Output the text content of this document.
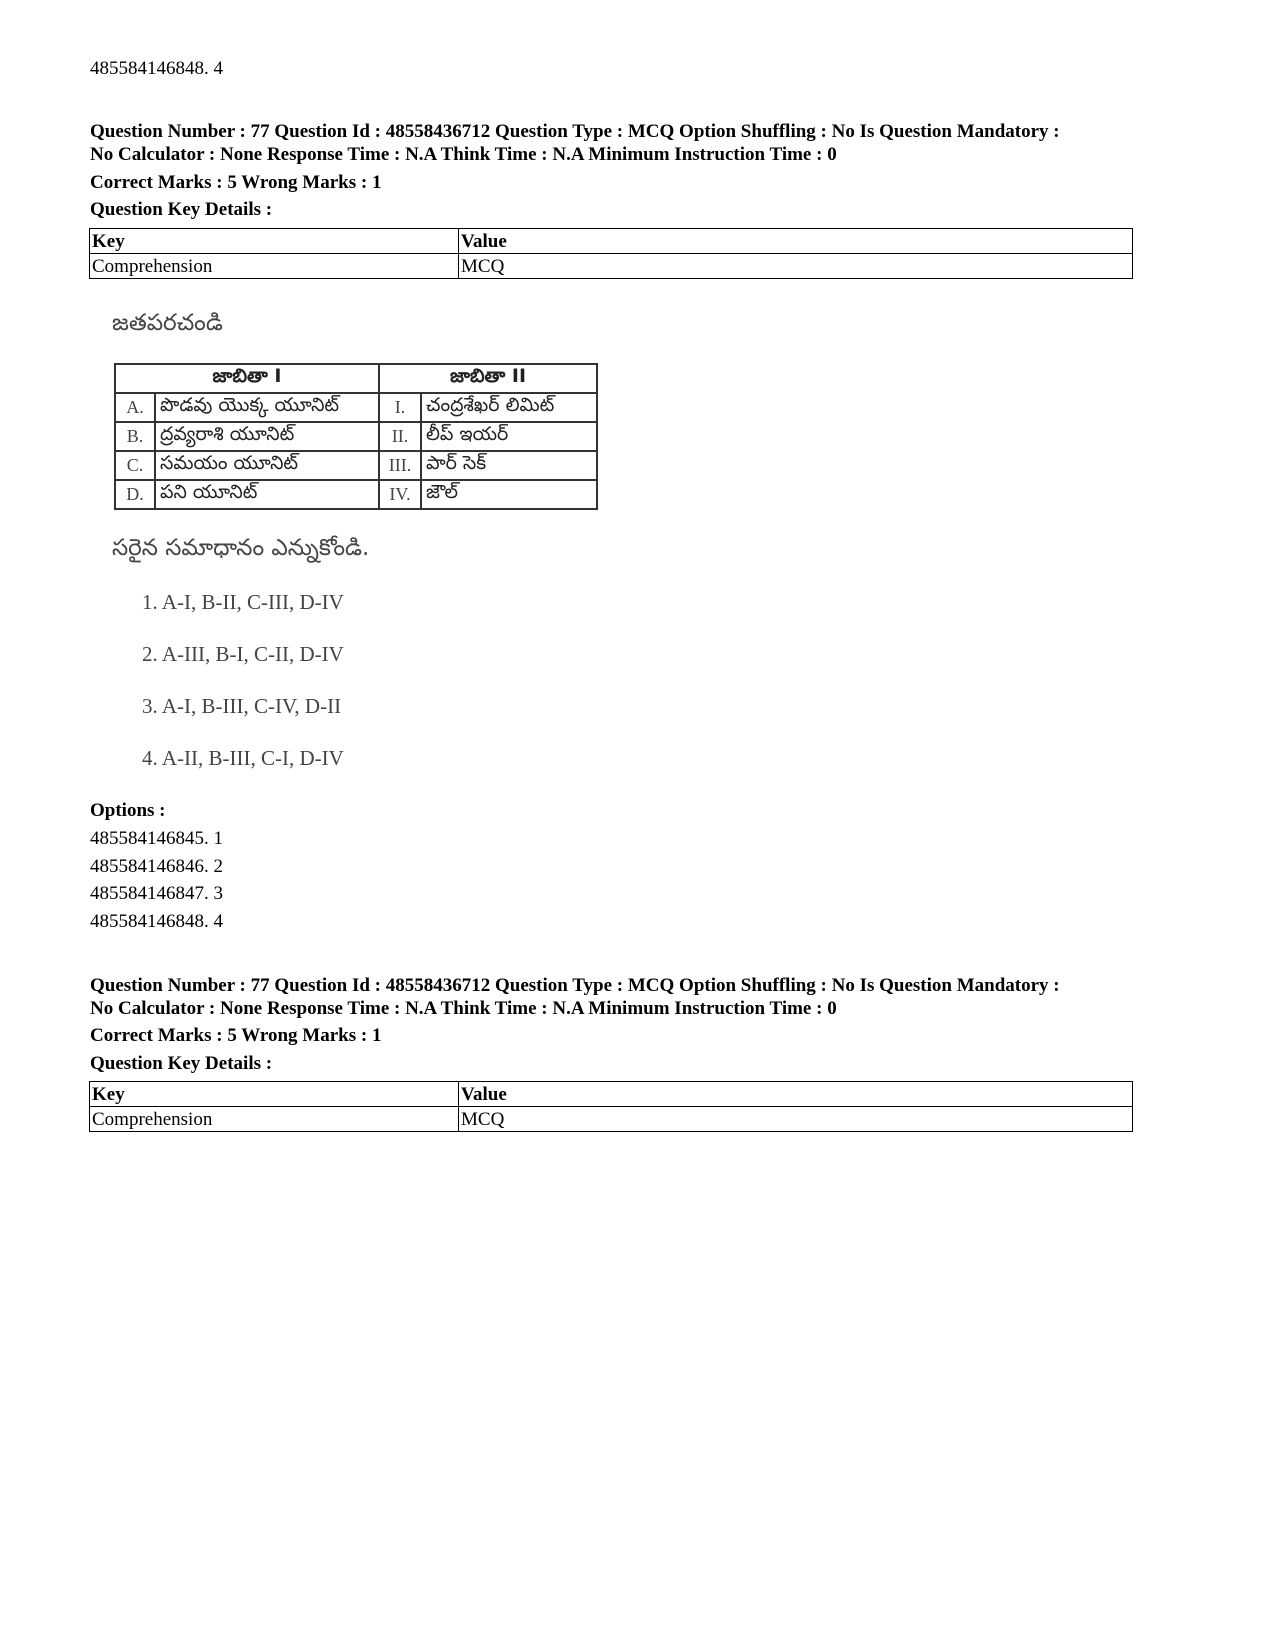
485584146848. 4
Question Number : 77 Question Id : 48558436712 Question Type : MCQ Option Shuffling : No Is Question Mandatory :
No Calculator : None Response Time : N.A Think Time : N.A Minimum Instruction Time : 0
Correct Marks : 5 Wrong Marks : 1
Question Key Details :
Key	Value
Comprehension	MCQ
జతపరచండి
జాబితా I		జాబితా II	
A.	పొడవు యొక్క యూనిట్	I.	చంద్రశేఖర్ లిమిట్
B.	ద్రవ్యరాశి యూనిట్	II.	లీప్ ఇయర్
C.	సమయం యూనిట్	III.	పార్ సెక్
D.	పని యూనిట్	IV.	జౌల్
సరైన సమాధానం ఎన్నుకోండి.
1. A-I, B-II, C-III, D-IV
2. A-III, B-I, C-II, D-IV
3. A-I, B-III, C-IV, D-II
4. A-II, B-III, C-I, D-IV
Options :
485584146845. 1
485584146846. 2
485584146847. 3
485584146848. 4
Question Number : 77 Question Id : 48558436712 Question Type : MCQ Option Shuffling : No Is Question Mandatory :
No Calculator : None Response Time : N.A Think Time : N.A Minimum Instruction Time : 0
Correct Marks : 5 Wrong Marks : 1
Question Key Details :
Key	Value
Comprehension	MCQ
